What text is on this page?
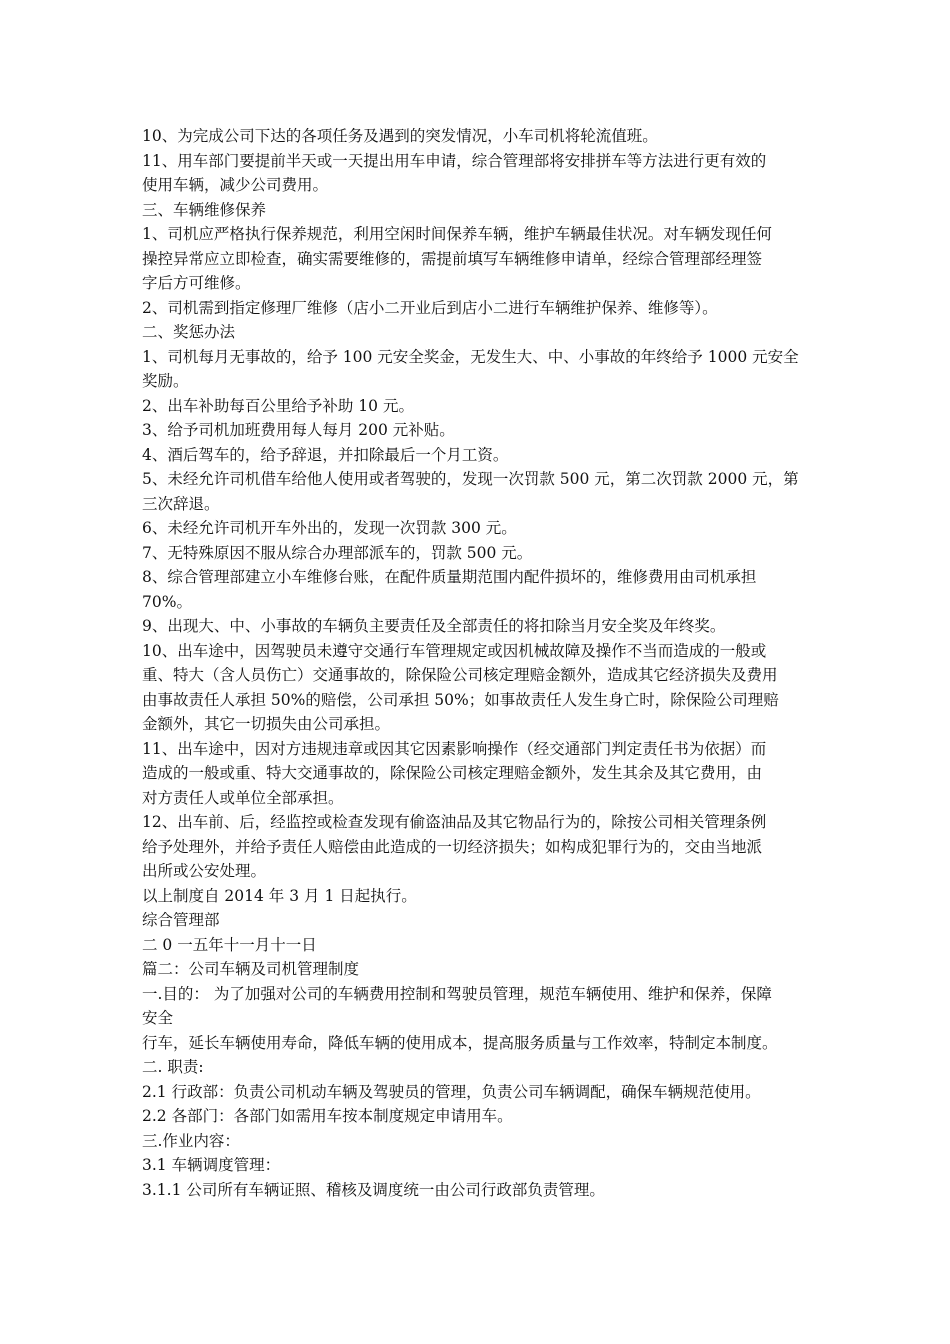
10、为完成公司下达的各项任务及遇到的突发情况，小车司机将轮流值班。

11、用车部门要提前半天或一天提出用车申请，综合管理部将安排拼车等方法进行更有效的

使用车辆，减少公司费用。

三、车辆维修保养

1、司机应严格执行保养规范，利用空闲时间保养车辆，维护车辆最佳状况。对车辆发现任何

操控异常应立即检查，确实需要维修的，需提前填写车辆维修申请单，经综合管理部经理签

字后方可维修。

2、司机需到指定修理厂维修（店小二开业后到店小二进行车辆维护保养、维修等）。

二、奖惩办法

1、司机每月无事故的，给予 100 元安全奖金，无发生大、中、小事故的年终给予 1000 元安全

奖励。

2、出车补助每百公里给予补助 10 元。

3、给予司机加班费用每人每月 200 元补贴。

4、酒后驾车的，给予辞退，并扣除最后一个月工资。

5、未经允许司机借车给他人使用或者驾驶的，发现一次罚款 500 元，第二次罚款 2000 元，第

三次辞退。

6、未经允许司机开车外出的，发现一次罚款 300 元。

7、无特殊原因不服从综合办理部派车的，罚款 500 元。

8、综合管理部建立小车维修台账，在配件质量期范围内配件损坏的，维修费用由司机承担

70%。

9、出现大、中、小事故的车辆负主要责任及全部责任的将扣除当月安全奖及年终奖。

10、出车途中，因驾驶员未遵守交通行车管理规定或因机械故障及操作不当而造成的一般或

重、特大（含人员伤亡）交通事故的，除保险公司核定理赔金额外，造成其它经济损失及费用

由事故责任人承担 50%的赔偿，公司承担 50%；如事故责任人发生身亡时，除保险公司理赔

金额外，其它一切损失由公司承担。

11、出车途中，因对方违规违章或因其它因素影响操作（经交通部门判定责任书为依据）而

造成的一般或重、特大交通事故的，除保险公司核定理赔金额外，发生其余及其它费用，由

对方责任人或单位全部承担。

12、出车前、后，经监控或检查发现有偷盗油品及其它物品行为的，除按公司相关管理条例

给予处理外，并给予责任人赔偿由此造成的一切经济损失；如构成犯罪行为的，交由当地派

出所或公安处理。

以上制度自 2014 年 3 月 1 日起执行。

综合管理部

二 0 一五年十一月十一日

篇二：公司车辆及司机管理制度

一.目的： 为了加强对公司的车辆费用控制和驾驶员管理，规范车辆使用、维护和保养，保障

安全

行车，延长车辆使用寿命，降低车辆的使用成本，提高服务质量与工作效率，特制定本制度。

二. 职责:

2.1 行政部：负责公司机动车辆及驾驶员的管理，负责公司车辆调配，确保车辆规范使用。

2.2 各部门：各部门如需用车按本制度规定申请用车。

三.作业内容：

3.1 车辆调度管理：

3.1.1 公司所有车辆证照、稽核及调度统一由公司行政部负责管理。
